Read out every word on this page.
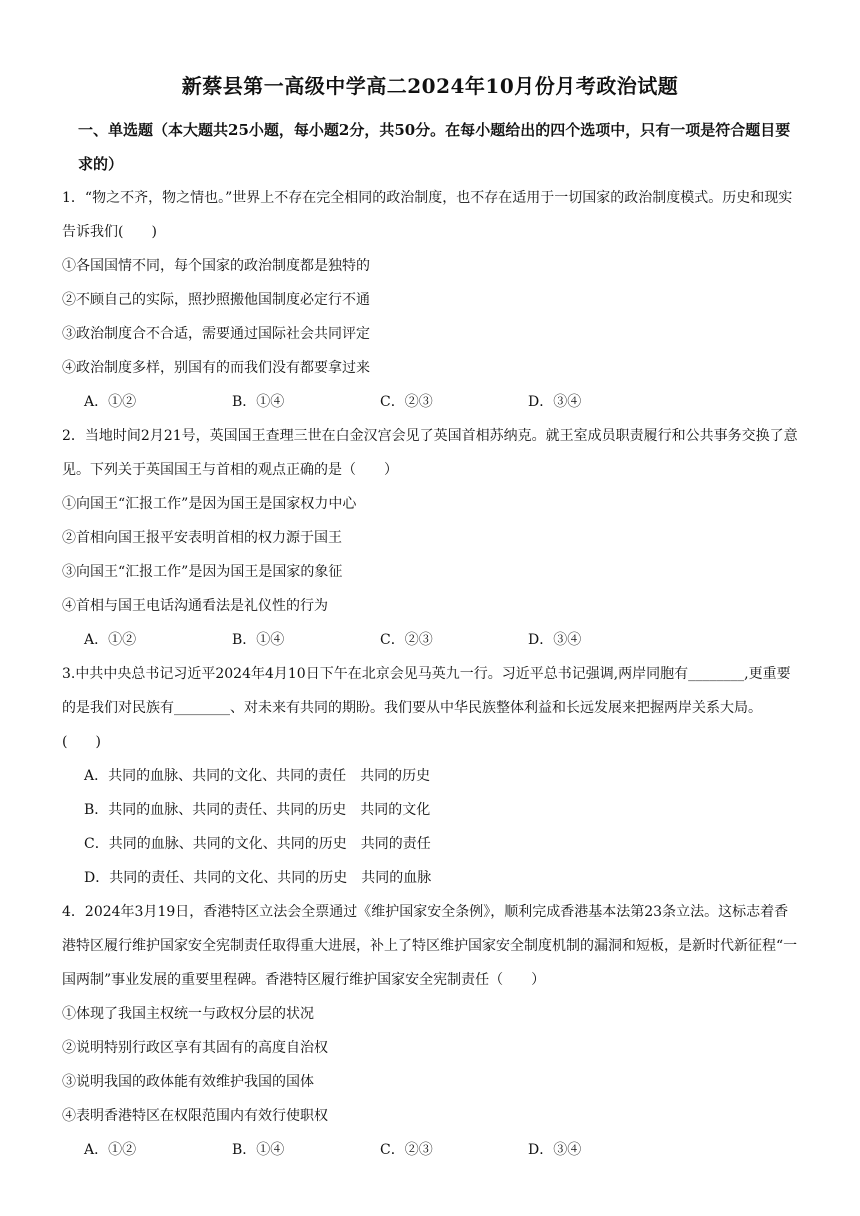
新蔡县第一高级中学高二2024年10月份月考政治试题

一、单选题（本大题共25小题，每小题2分，共50分。在每小题给出的四个选项中，只有一项是符合题目要求的）

1．“物之不齐，物之情也。”世界上不存在完全相同的政治制度，也不存在适用于一切国家的政治制度模式。历史和现实告诉我们(　　)

①各国国情不同，每个国家的政治制度都是独特的

②不顾自己的实际，照抄照搬他国制度必定行不通

③政治制度合不合适，需要通过国际社会共同评定

④政治制度多样，别国有的而我们没有都要拿过来

A．①②	B．①④	C．②③	D．③④

2．当地时间2月21号，英国国王查理三世在白金汉宫会见了英国首相苏纳克。就王室成员职责履行和公共事务交换了意见。下列关于英国国王与首相的观点正确的是（　　）

①向国王“汇报工作”是因为国王是国家权力中心

②首相向国王报平安表明首相的权力源于国王

③向国王“汇报工作”是因为国王是国家的象征

④首相与国王电话沟通看法是礼仪性的行为

A．①②	B．①④	C．②③	D．③④

3.中共中央总书记习近平2024年4月10日下午在北京会见马英九一行。习近平总书记强调,两岸同胞有________,更重要的是我们对民族有________、对未来有共同的期盼。我们要从中华民族整体利益和长远发展来把握两岸关系大局。(　　)

A．共同的血脉、共同的文化、共同的责任　共同的历史

B．共同的血脉、共同的责任、共同的历史　共同的文化

C．共同的血脉、共同的文化、共同的历史　共同的责任

D．共同的责任、共同的文化、共同的历史　共同的血脉

4．2024年3月19日，香港特区立法会全票通过《维护国家安全条例》，顺利完成香港基本法第23条立法。这标志着香港特区履行维护国家安全宪制责任取得重大进展，补上了特区维护国家安全制度机制的漏洞和短板，是新时代新征程“一国两制”事业发展的重要里程碑。香港特区履行维护国家安全宪制责任（　　）

①体现了我国主权统一与政权分层的状况

②说明特别行政区享有其固有的高度自治权

③说明我国的政体能有效维护我国的国体

④表明香港特区在权限范围内有效行使职权

A．①②	B．①④	C．②③	D．③④
